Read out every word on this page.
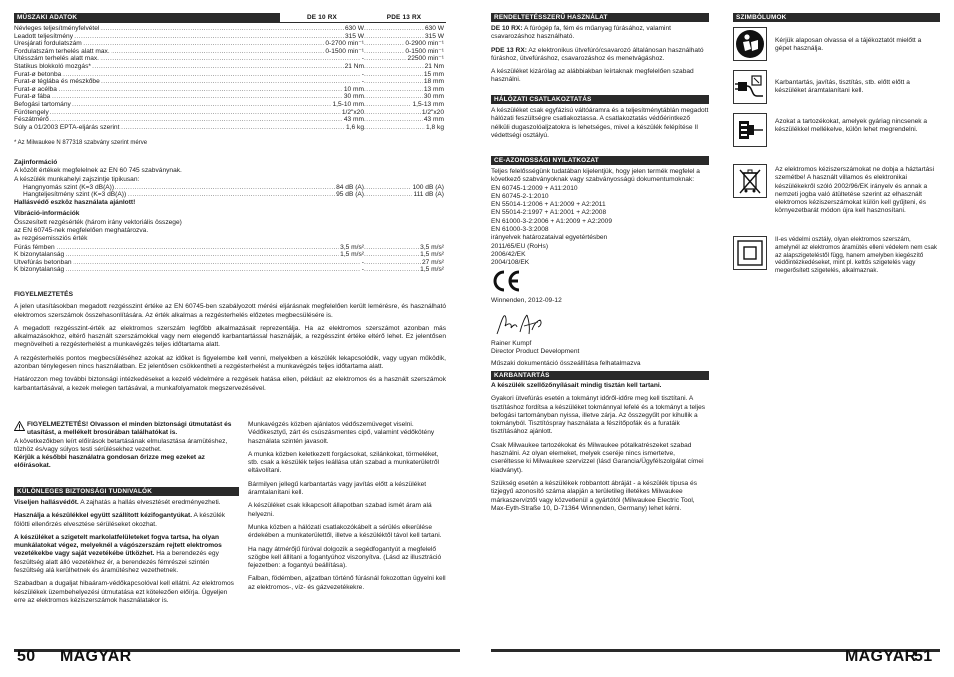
MŰSZAKI ADATOK	DE 10 RX	PDE 13 RX
Névleges teljesítményfelvétel .....	..... 630 W	..... 630 W
Leadott teljesítmény .....	..... 315 W	..... 315 W
Üresjárati fordulatszám .....	..... 0-2700 min⁻¹	..... 0-2900 min⁻¹
Fordulatszám terhelés alatt max. .....	..... 0-1500 min⁻¹	..... 0-1500 min⁻¹
Ütésszám terhelés alatt max. .....	..... -	..... 22500 min⁻¹
Statikus blokkoló mozgás* .....	..... 21 Nm	..... 21 Nm
Furat-ø betonba .....	..... -	..... 15 mm
Furat-ø téglába és mészkőbe .....	..... -	..... 18 mm
Furat-ø acélba .....	..... 10 mm	..... 13 mm
Furat-ø fába .....	..... 30 mm	..... 30 mm
Befogási tartomány .....	..... 1,5-10 mm	..... 1,5-13 mm
Fúrótengely .....	..... 1/2"x20	..... 1/2"x20
Fészátmérő .....	..... 43 mm	..... 43 mm
Súly a 01/2003 EPTA-eljárás szerint .....	..... 1,6 kg	..... 1,8 kg
* Az Milwaukee N 877318 szabvány szerint mérve
Zajinformáció
A közölt értékek megfelelnek az EN 60 745 szabványnak.
A készülék munkahelyi zajszintje tipikusan:
Hangnyomás szint (K=3 dB(A)) .....	..... 84 dB (A)	..... 100 dB (A)
Hangteljesítmény szint (K=3 dB(A)) .....	..... 95 dB (A)	..... 111 dB (A)
Hallásvédő eszköz használata ajánlott!
Vibráció-információk
Összesített rezgésérték (három irány vektoriális összege)
az EN 60745-nek megfelelően meghatározva.
aₕ rezgésemissziós érték
Fúrás fémben .....	..... 3,5 m/s²	..... 3,5 m/s²
K bizonytalanság .....	..... 1,5 m/s²	..... 1,5 m/s²
Ütvefúrás betonban .....	..... -	..... 27 m/s²
K bizonytalanság .....	..... -	..... 1,5 m/s²
FIGYELMEZTETÉS

A jelen utasításokban megadott rezgésszint értéke az EN 60745-ben szabályozott mérési eljárásnak megfelelően került lemérésre, és használható elektromos szerszámok összehasonlítására. Az érték alkalmas a rezgésterhelés előzetes megbecsülésére is.

A megadott rezgésszint-érték az elektromos szerszám legfőbb alkalmazásait reprezentálja. Ha az elektromos szerszámot azonban más alkalmazásokhoz, eltérő használt szerszámokkal vagy nem elegendő karbantartással használják, a rezgésszint értéke eltérő lehet. Ez jelentősen megnövelheti a rezgésterhelést a munkavégzés teljes időtartama alatt.

A rezgésterhelés pontos megbecsüléséhez azokat az időket is figyelembe kell venni, melyekben a készülék lekapcsolódik, vagy ugyan működik, azonban ténylegesen nincs használatban. Ez jelentősen csökkentheti a rezgésterhelést a munkavégzés teljes időtartama alatt.

Határozzon meg további biztonsági intézkedéseket a kezelő védelmére a rezgések hatása ellen, például: az elektromos és a használt szerszámok karbantartásával, a kezek melegen tartásával, a munkafolyamatok megszervezésével.

FIGYELMEZTETÉS! Olvasson el minden biztonsági útmutatást és utasítást, a mellékelt brosúrában találhatókat is.
A következőkben leírt előírások betartásának elmulasztása áramütéshez, tűzhöz és/vagy súlyos testi sérülésekhez vezethet.
Kérjük a későbbi használatra gondosan őrizze meg ezeket az előírásokat.
KÜLÖNLEGES BIZTONSÁGI TUDNIVALÓK

Viseljen hallásvédőt. A zajhatás a hallás elvesztését eredményezheti.

Használja a készülékkel együtt szállított kézifogantyúkat. A készülék fölötti ellenőrzés elvesztése sérüléseket okozhat.

A készüléket a szigetelt markolatfelületeket fogva tartsa, ha olyan munkálatokat végez, melyeknél a vágószerszám rejtett elektromos vezetékekbe vagy saját vezetékébe ütközhet. Ha a berendezés egy feszültség alatt álló vezetékhez ér, a berendezés fémrészei szintén feszültség alá kerülhetnek és áramütéshez vezethetnek.

Szabadban a dugaljat hibaáram-védőkapcsolóval kell ellátni. Az elektromos készülékek üzembehelyezési útmutatása ezt kötelezően előírja. Ügyeljen erre az elektromos kéziszerszámok használatakor is.

Munkavégzés közben ajánlatos védőszemüveget viselni. Védőkesztyű, zárt és csúszásmentes cipő, valamint védőkötény használata szintén javasolt.

A munka közben keletkezett forgácsokat, szilánkokat, törmeléket, stb. csak a készülék teljes leállása után szabad a munkaterületről eltávolítani.

Bármilyen jellegű karbantartás vagy javítás előtt a készüléket áramtalanítani kell.

A készüléket csak kikapcsolt állapotban szabad ismét áram alá helyezni.

Munka közben a hálózati csatlakozókábelt a sérülés elkerülése érdekében a munkaterülettől, illetve a készüléktől távol kell tartani.

Ha nagy átmérőjű fúróval dolgozik a segédfogantyút a megfelelő szögbe kell állítani a fogantyúhoz viszonyítva. (Lásd az illusztráció fejezetben: a fogantyú beállítása).

Falban, födémben, aljzatban történő fúrásnál fokozottan ügyelni kell az elektromos-, víz- és gázvezetékekre.

50 MAGYAR
RENDELTETÉSSZERŰ HASZNÁLAT

DE 10 RX: A fúrógép fa, fém és műanyag fúrásához, valamint csavarozáshoz használható.

PDE 13 RX: Az elektronikus ütvefúró/csavarozó általánosan használható fúráshoz, ütvefúráshoz, csavarozáshoz és menetvágáshoz.

A készüléket kizárólag az alábbiakban leírtaknak megfelelően szabad használni.

HÁLÓZATI CSATLAKOZTATÁS
A készüléket csak egyfázisú váltóáramra és a teljesítménytáblán megadott hálózati feszültségre csatlakoztassa. A csatlakoztatás védőérintkező nélküli dugaszolóaljzatokra is lehetséges, mivel a készülék felépítése II védettségi osztályú.
CE-AZONOSSÁGI NYILATKOZAT
Teljes felelősségünk tudatában kijelentjük, hogy jelen termék megfelel a következő szabványoknak vagy szabványosságú dokumentumoknak:
EN 60745-1:2009 + A11:2010
EN 60745-2-1:2010
EN 55014-1:2006 + A1:2009 + A2:2011
EN 55014-2:1997 + A1:2001 + A2:2008
EN 61000-3-2:2006 + A1:2009 + A2:2009
EN 61000-3-3:2008
irányelvek határozataival egyetértésben
2011/65/EU (RoHs)
2006/42/EK
2004/108/EK
Winnenden, 2012-09-12
Rainer Kumpf
Director Product Development
Műszaki dokumentáció összeállítása felhatalmazva
KARBANTARTÁS

A készülék szellőzőnyílásait mindig tisztán kell tartani.

Gyakori ütvefúrás esetén a tokmányt időről-időre meg kell tisztítani. A tisztításhoz fordítsa a készüléket tokmánnyal lefelé és a tokmányt a teljes befogási tartományban nyissa, illetve zárja. Az összegyűlt por kihullik a tokmányból. Tisztítóspray használata a fészítőpofák és a furatáik tisztításához ajánlott.

Csak Milwaukee tartozékokat és Milwaukee pótalkatrészeket szabad használni. Az olyan elemeket, melyek cseréje nincs ismertetve, cseréltesse ki Milwaukee szervizzel (lásd Garancia/Ügyfélszolgálat címei kiadványt).

Szükség esetén a készülékek robbantott ábráját - a készülék típusa és tizjegyű azonosító száma alapján a területileg illetékes Milwaukee márkaszervíztől vagy közvetlenül a gyártótól (Milwaukee Electric Tool, Max-Eyth-Straße 10, D-71364 Winnenden, Germany) lehet kérni.

SZIMBÓLUMOK
Kérjük alaposan olvassa el a tájékoztatót mielőtt a gépet használja.
Karbantartás, javítás, tisztítás, stb. előtt előtt a készüléket áramtalanítani kell.
Azokat a tartozékokat, amelyek gyáriag nincsenek a készülékkel mellékelve, külön lehet megrendelni.
Az elektromos kéziszerszámokat ne dobja a háztartási szemétbe! A használt villamos és elektronikai készülékekről szóló 2002/96/EK irányelv és annak a nemzeti jogba való átültetése szerint az elhasznált elektromos kéziszerszámokat külön kell gyűjteni, és környezetbarát módon újra kell hasznosítani.
II-es védelmi osztály, olyan elektromos szerszám, amelynél az elektromos áramütés elleni védelem nem csak az alapszigeteléstől függ, hanem amelyben kiegészítő védőintézkedéseket, mint pl. kettős szigetelés vagy megerősített szigetelés, alkalmaznak.
MAGYAR
51
